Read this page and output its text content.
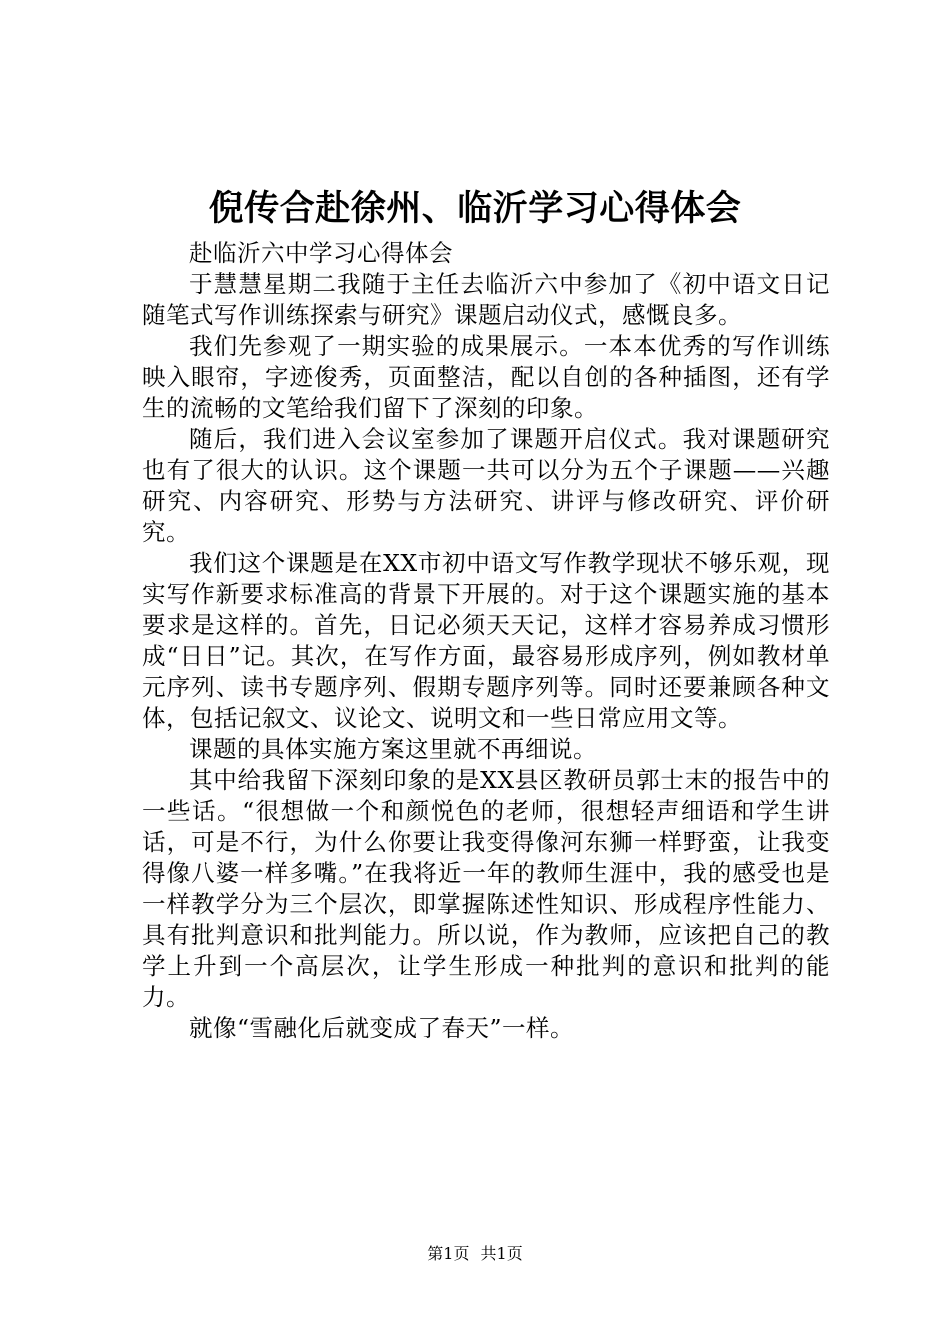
倪传合赴徐州、临沂学习心得体会

赴临沂六中学习心得体会

于慧慧星期二我随于主任去临沂六中参加了《初中语文日记随笔式写作训练探索与研究》课题启动仪式，感慨良多。

我们先参观了一期实验的成果展示。一本本优秀的写作训练映入眼帘，字迹俊秀，页面整洁，配以自创的各种插图，还有学生的流畅的文笔给我们留下了深刻的印象。

随后，我们进入会议室参加了课题开启仪式。我对课题研究也有了很大的认识。这个课题一共可以分为五个子课题——兴趣研究、内容研究、形势与方法研究、讲评与修改研究、评价研究。

我们这个课题是在XX市初中语文写作教学现状不够乐观，现实写作新要求标准高的背景下开展的。对于这个课题实施的基本要求是这样的。首先，日记必须天天记，这样才容易养成习惯形成“日日”记。其次，在写作方面，最容易形成序列，例如教材单元序列、读书专题序列、假期专题序列等。同时还要兼顾各种文体，包括记叙文、议论文、说明文和一些日常应用文等。

课题的具体实施方案这里就不再细说。

其中给我留下深刻印象的是XX县区教研员郭士末的报告中的一些话。“很想做一个和颜悦色的老师，很想轻声细语和学生讲话，可是不行，为什么你要让我变得像河东狮一样野蛮，让我变得像八婆一样多嘴。”在我将近一年的教师生涯中，我的感受也是一样教学分为三个层次，即掌握陈述性知识、形成程序性能力、具有批判意识和批判能力。所以说，作为教师，应该把自己的教学上升到一个高层次，让学生形成一种批判的意识和批判的能力。

就像“雪融化后就变成了春天”一样。

第1页 共1页
